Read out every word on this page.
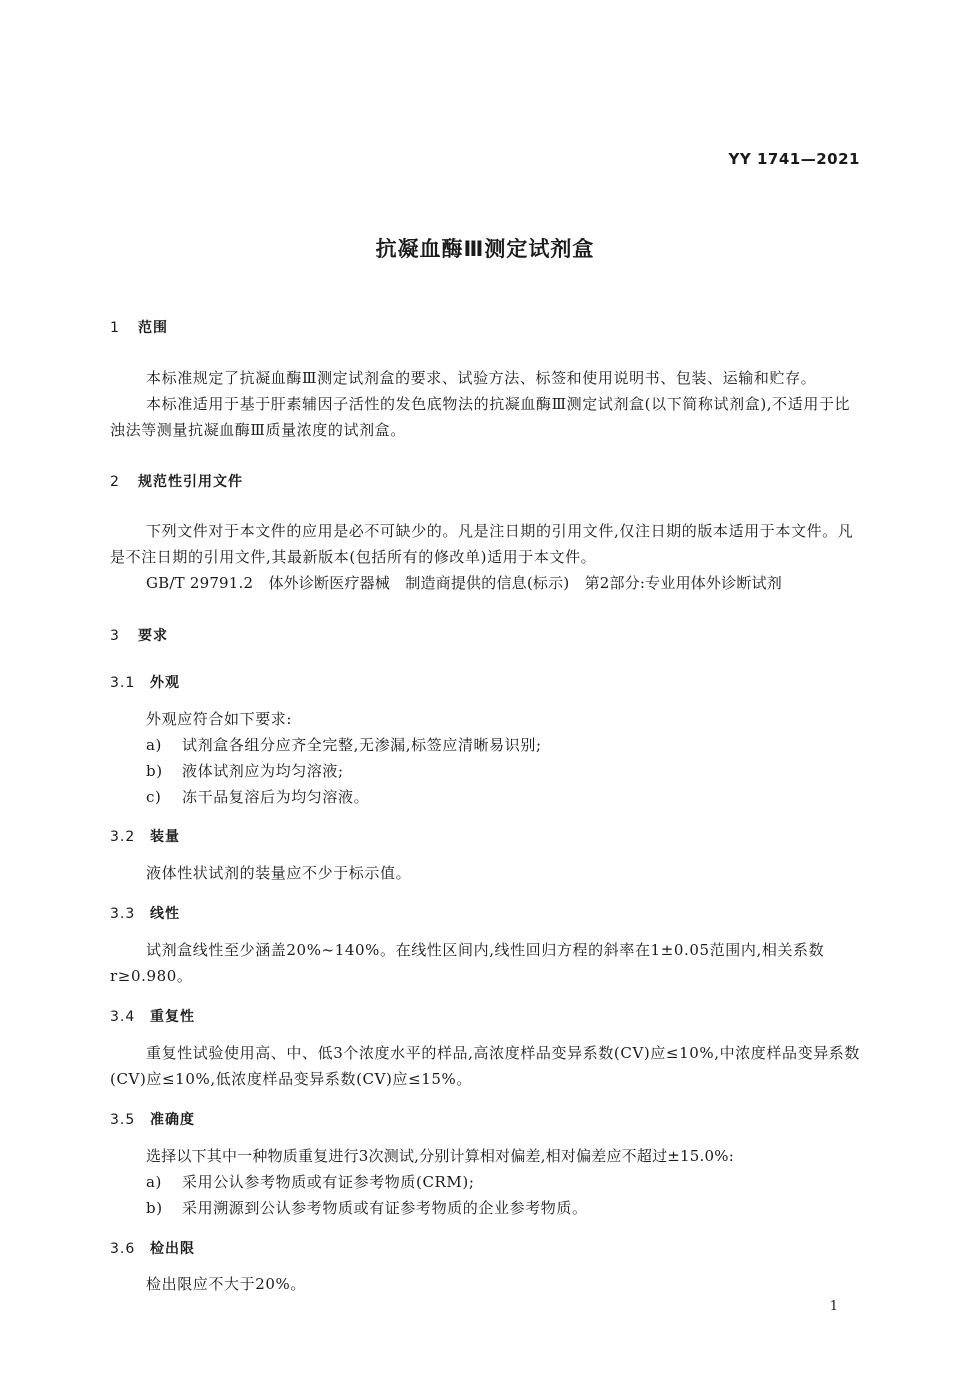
YY 1741—2021
抗凝血酶Ⅲ测定试剂盒
1 范围
本标准规定了抗凝血酶Ⅲ测定试剂盒的要求、试验方法、标签和使用说明书、包装、运输和贮存。
本标准适用于基于肝素辅因子活性的发色底物法的抗凝血酶Ⅲ测定试剂盒(以下简称试剂盒),不适用于比浊法等测量抗凝血酶Ⅲ质量浓度的试剂盒。
2 规范性引用文件
下列文件对于本文件的应用是必不可缺少的。凡是注日期的引用文件,仅注日期的版本适用于本文件。凡是不注日期的引用文件,其最新版本(包括所有的修改单)适用于本文件。
GB/T 29791.2　体外诊断医疗器械　制造商提供的信息(标示)　第2部分:专业用体外诊断试剂
3 要求
3.1 外观
外观应符合如下要求:
a) 试剂盒各组分应齐全完整,无渗漏,标签应清晰易识别;
b) 液体试剂应为均匀溶液;
c) 冻干品复溶后为均匀溶液。
3.2 装量
液体性状试剂的装量应不少于标示值。
3.3 线性
试剂盒线性至少涵盖20%~140%。在线性区间内,线性回归方程的斜率在1±0.05范围内,相关系数r≥0.980。
3.4 重复性
重复性试验使用高、中、低3个浓度水平的样品,高浓度样品变异系数(CV)应≤10%,中浓度样品变异系数(CV)应≤10%,低浓度样品变异系数(CV)应≤15%。
3.5 准确度
选择以下其中一种物质重复进行3次测试,分别计算相对偏差,相对偏差应不超过±15.0%:
a) 采用公认参考物质或有证参考物质(CRM);
b) 采用溯源到公认参考物质或有证参考物质的企业参考物质。
3.6 检出限
检出限应不大于20%。
1
